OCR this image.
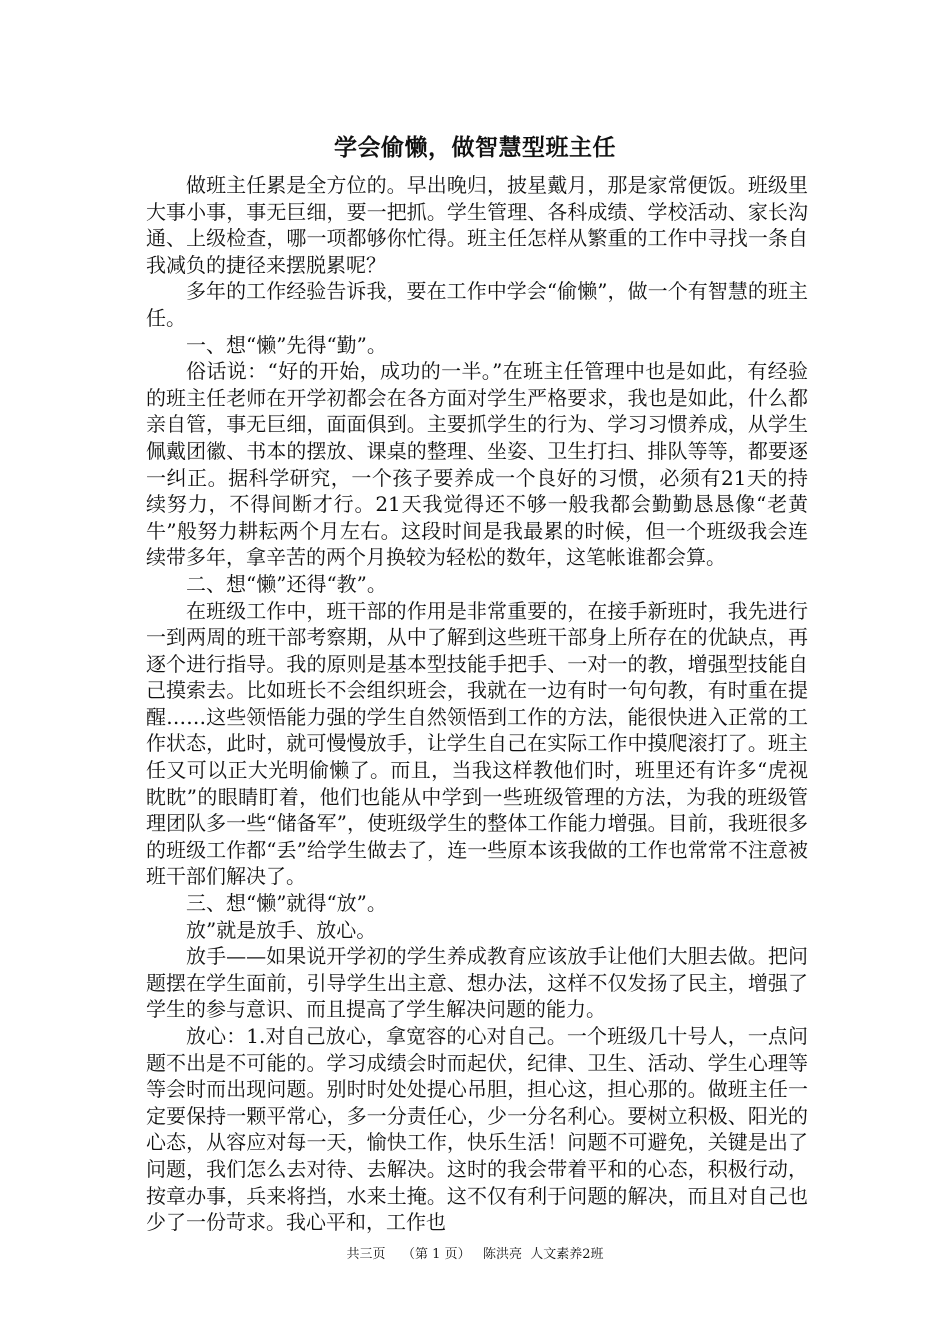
学会偷懒，做智慧型班主任

做班主任累是全方位的。早出晚归，披星戴月，那是家常便饭。班级里大事小事，事无巨细，要一把抓。学生管理、各科成绩、学校活动、家长沟通、上级检查，哪一项都够你忙得。班主任怎样从繁重的工作中寻找一条自我减负的捷径来摆脱累呢？

多年的工作经验告诉我，要在工作中学会“偷懒”，做一个有智慧的班主任。

一、想“懒”先得“勤”。

俗话说：“好的开始，成功的一半。”在班主任管理中也是如此，有经验的班主任老师在开学初都会在各方面对学生严格要求，我也是如此，什么都亲自管，事无巨细，面面俱到。主要抓学生的行为、学习习惯养成，从学生佩戴团徽、书本的摆放、课桌的整理、坐姿、卫生打扫、排队等等，都要逐一纠正。据科学研究，一个孩子要养成一个良好的习惯，必须有21天的持续努力，不得间断才行。21天我觉得还不够一般我都会勤勤恳恳像“老黄牛”般努力耕耘两个月左右。这段时间是我最累的时候，但一个班级我会连续带多年，拿辛苦的两个月换较为轻松的数年，这笔帐谁都会算。

二、想“懒”还得“教”。

在班级工作中，班干部的作用是非常重要的，在接手新班时，我先进行一到两周的班干部考察期，从中了解到这些班干部身上所存在的优缺点，再逐个进行指导。我的原则是基本型技能手把手、一对一的教，增强型技能自己摸索去。比如班长不会组织班会，我就在一边有时一句句教，有时重在提醒……这些领悟能力强的学生自然领悟到工作的方法，能很快进入正常的工作状态，此时，就可慢慢放手，让学生自己在实际工作中摸爬滚打了。班主任又可以正大光明偷懒了。而且，当我这样教他们时，班里还有许多“虎视眈眈”的眼睛盯着，他们也能从中学到一些班级管理的方法，为我的班级管理团队多一些“储备军”，使班级学生的整体工作能力增强。目前，我班很多的班级工作都“丢”给学生做去了，连一些原本该我做的工作也常常不注意被班干部们解决了。

三、想“懒”就得“放”。

放”就是放手、放心。

放手——如果说开学初的学生养成教育应该放手让他们大胆去做。把问题摆在学生面前，引导学生出主意、想办法，这样不仅发扬了民主，增强了学生的参与意识、而且提高了学生解决问题的能力。

放心：1.对自己放心，拿宽容的心对自己。一个班级几十号人，一点问题不出是不可能的。学习成绩会时而起伏，纪律、卫生、活动、学生心理等等会时而出现问题。别时时处处提心吊胆，担心这，担心那的。做班主任一定要保持一颗平常心，多一分责任心，少一分名利心。要树立积极、阳光的心态，从容应对每一天，愉快工作，快乐生活！问题不可避免，关键是出了问题，我们怎么去对待、去解决。这时的我会带着平和的心态，积极行动，按章办事，兵来将挡，水来土掩。这不仅有利于问题的解决，而且对自己也少了一份苛求。我心平和，工作也

共三页    （第 1 页）   陈洪亮  人文素养2班
